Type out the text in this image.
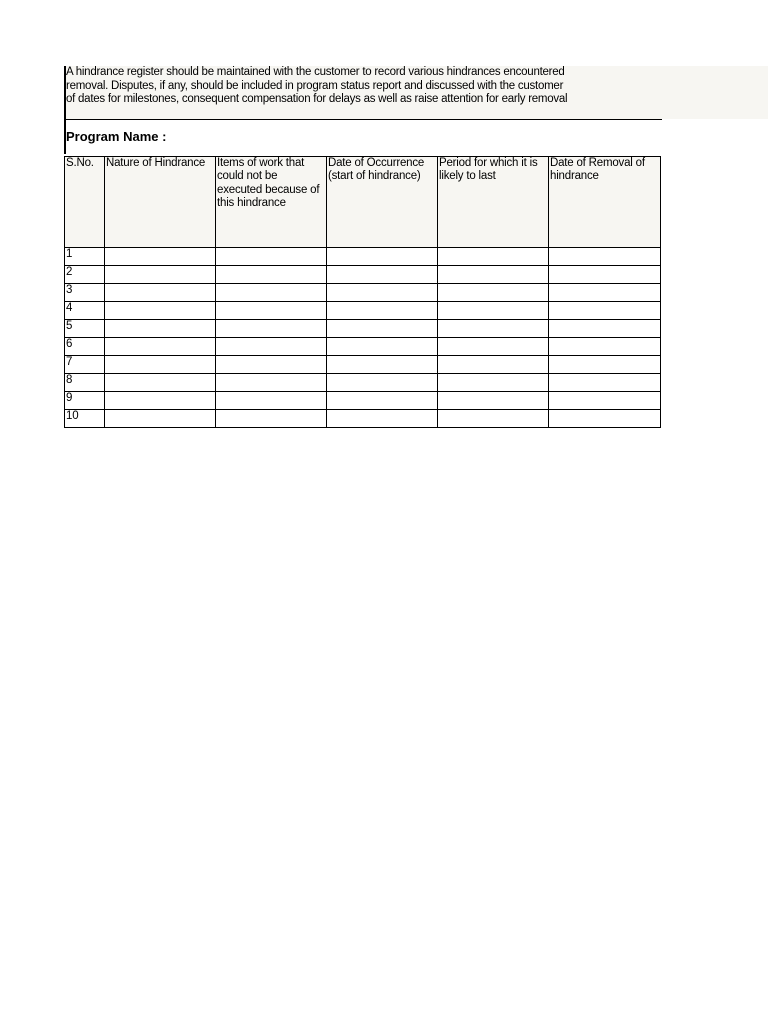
A hindrance register should be maintained with the customer to record various hindrances encountered
removal. Disputes, if any, should be included in program status report and discussed with the customer
of dates for milestones, consequent compensation for delays as well as raise attention for early removal
Program Name :
S.No.	Nature of Hindrance	Items of work that could not be executed because of this hindrance	Date of Occurrence (start of hindrance)	Period for which it is likely to last	Date of Removal of hindrance
1					
2					
3					
4					
5					
6					
7					
8					
9					
10					
